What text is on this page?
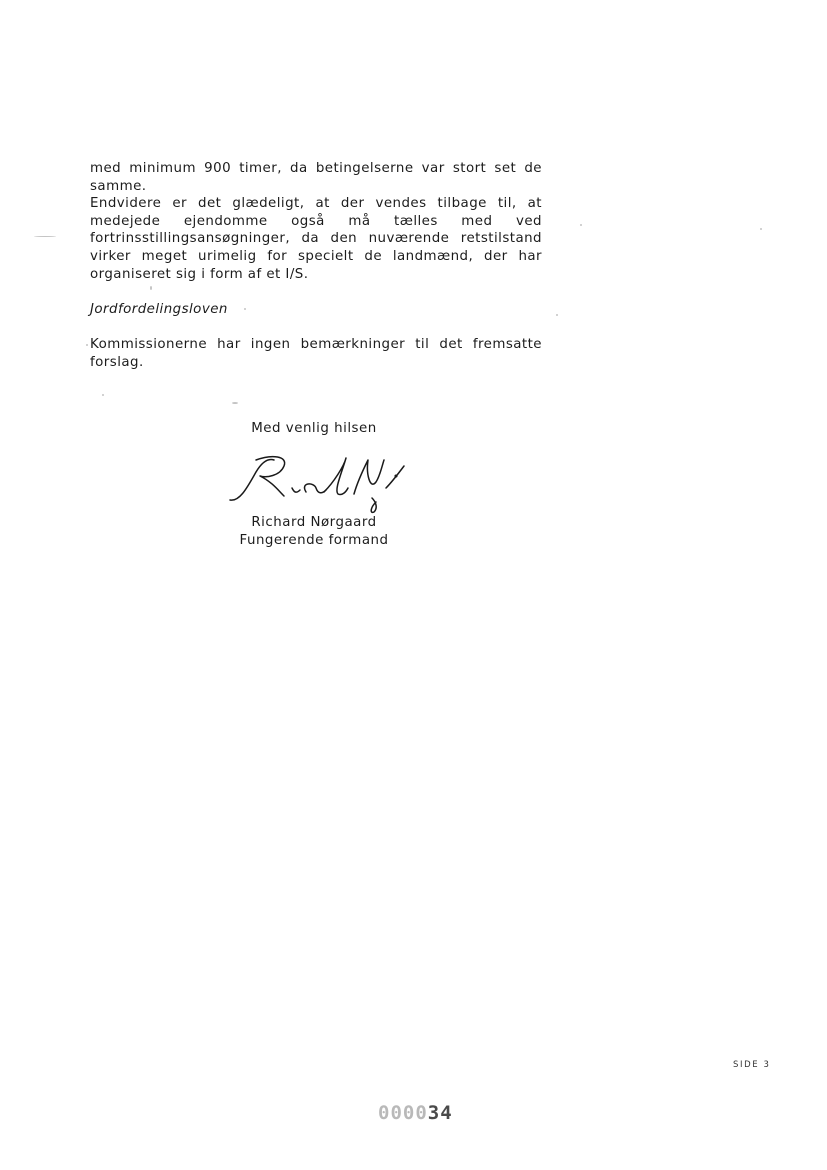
med minimum 900 timer, da betingelserne var stort set de samme.

Endvidere er det glædeligt, at der vendes tilbage til, at medejede ejendomme også må tælles med ved fortrinsstillingsansøgninger, da den nuværende retstilstand virker meget urimelig for specielt de landmænd, der har organiseret sig i form af et I/S.

Jordfordelingsloven

Kommissionerne har ingen bemærkninger til det fremsatte forslag.

Med venlig hilsen
Richard Nørgaard
Fungerende formand
SIDE 3
000034
